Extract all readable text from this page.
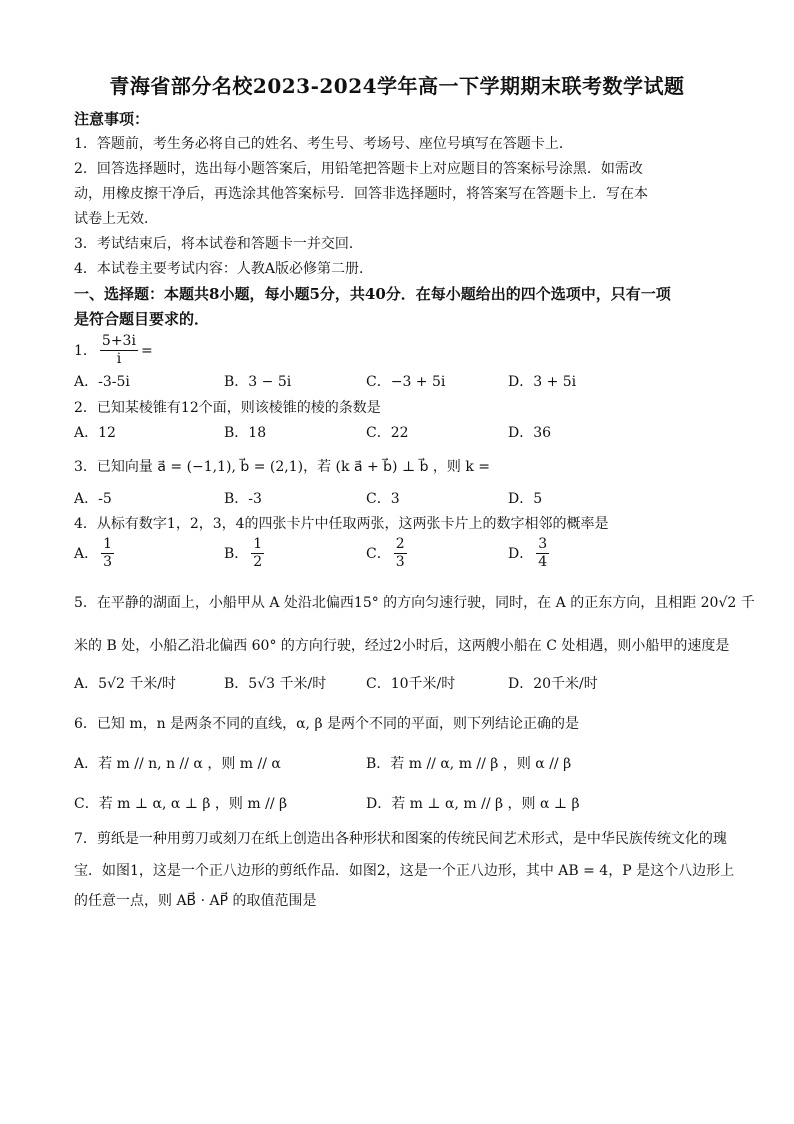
青海省部分名校2023-2024学年高一下学期期末联考数学试题
注意事项：
1．答题前，考生务必将自己的姓名、考生号、考场号、座位号填写在答题卡上．
2．回答选择题时，选出每小题答案后，用铅笔把答题卡上对应题目的答案标号涂黑．如需改
动，用橡皮擦干净后，再选涂其他答案标号．回答非选择题时，将答案写在答题卡上．写在本
试卷上无效．
3．考试结束后，将本试卷和答题卡一并交回．
4．本试卷主要考试内容：人教A版必修第二册．
一、选择题：本题共8小题，每小题5分，共40分．在每小题给出的四个选项中，只有一项
是符合题目要求的．
1． $\frac{5+3i}{i}$ =
A．-3-5i	B．3 − 5i	C．−3 + 5i	D．3 + 5i
2．已知某棱锥有12个面，则该棱锥的棱的条数是
A．12	B．18	C．22	D．36
3．已知向量 a⃗ = (−1,1), b⃗ = (2,1)，若 (k a⃗ + b⃗) ⊥ b⃗ ，则 k =
A．-5	B．-3	C．3	D．5
4．从标有数字1，2，3，4的四张卡片中任取两张，这两张卡片上的数字相邻的概率是
A． $\frac{1}{3}$	B． $\frac{1}{2}$	C． $\frac{2}{3}$	D． $\frac{3}{4}$
5．在平静的湖面上，小船甲从 A 处沿北偏西15° 的方向匀速行驶，同时，在 A 的正东方向，且相距 20√2 千
米的 B 处，小船乙沿北偏西 60° 的方向行驶，经过2小时后，这两艘小船在 C 处相遇，则小船甲的速度是
A．5√2 千米/时	B．5√3 千米/时	C．10千米/时	D．20千米/时
6．已知 m，n 是两条不同的直线，α, β 是两个不同的平面，则下列结论正确的是
A．若 m // n, n // α ，则 m // α	B．若 m // α, m // β ，则 α // β
C．若 m ⊥ α, α ⊥ β ，则 m // β	D．若 m ⊥ α, m // β ，则 α ⊥ β
7．剪纸是一种用剪刀或刻刀在纸上创造出各种形状和图案的传统民间艺术形式，是中华民族传统文化的瑰
宝．如图1，这是一个正八边形的剪纸作品．如图2，这是一个正八边形，其中 AB = 4，P 是这个八边形上
的任意一点，则 AB⃗ · AP⃗ 的取值范围是
